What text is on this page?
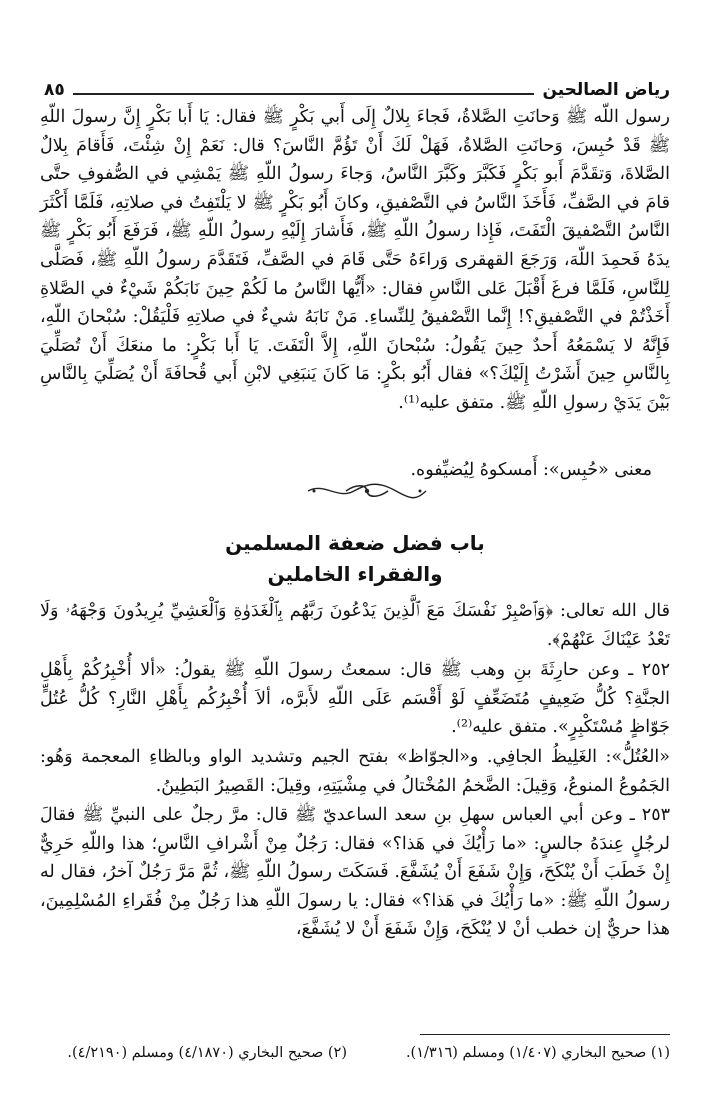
رياض الصالحين
٨٥
رسول اللّه ﷺ وَحانَتِ الصَّلاةُ، فَجاءَ بِلالٌ إِلَى أَبي بَكْرٍ ﷺ فقال: يَا أَبا بَكْرٍ إِنَّ رسولَ اللّهِ ﷺ قَدْ حُبِسَ، وَحانَتِ الصَّلاةُ، فَهَلْ لَكَ أَنْ تَؤُمَّ النَّاسَ؟ قال: نَعَمْ إِنْ شِئْتَ، فَأَقامَ بِلالٌ الصَّلاةَ، وَتقَدَّمَ أَبو بَكْرٍ فَكَبَّرَ وكَبَّرَ النَّاسُ، وَجاءَ رسولُ اللّهِ ﷺ يَمْشِي في الصُّفوفِ حتَّى قامَ في الصَّفِّ، فَأَخَذَ النَّاسُ في التَّصْفيقِ، وكانَ أَبُو بَكْرٍ ﷺ لا يَلْتَفِتُ في صلاتِهِ، فَلَمَّا أَكْثَرَ النَّاسُ التَّصْفيقَ الْتَفَتَ، فَإِذا رسولُ اللّهِ ﷺ، فَأَشارَ إِلَيْهِ رسولُ اللّهِ ﷺ، فَرَفَعَ أَبُو بَكْرٍ ﷺ يدَهُ فَحمِدَ اللّهَ، وَرَجَعَ القهقرى وَراءَهُ حَتَّى قَامَ في الصَّفِّ، فَتَقَدَّمَ رسولُ اللّهِ ﷺ، فَصَلَّى لِلنَّاسِ، فَلَمَّا فرغَ أَقْبَلَ عَلى النَّاسِ فقال: «أَيُّها النَّاسُ ما لَكُمْ حِينَ نَابَكُمْ شَيْءٌ في الصَّلاةِ أَخَذْتُمْ في التَّصْفيقِ؟! إِنَّما التَّصْفيقُ لِلنِّساءِ. مَنْ نَابَهُ شيءٌ في صلاتِهِ فَلْيَقُلْ: سُبْحانَ اللّهِ، فَإِنَّهُ لا يَسْمَعُهُ أَحدٌ حِينَ يَقُولُ: سُبْحانَ اللّهِ، إِلاَّ الْتَفَتَ. يَا أَبا بَكْرٍ: ما منعَكَ أَنْ تُصَلِّيَ بِالنَّاسِ حِينَ أَشَرْتُ إِلَيْكَ؟» فقال أَبُو بكْرٍ: مَا كَانَ يَنبَغِي لابْنِ أَبي قُحافَةَ أَنْ يُصَلِّيَ بِالنَّاسِ بَيْنَ يَدَيْ رسولِ اللّهِ ﷺ. متفق عليه⁽¹⁾.
معنى «حُبِس»: أَمسكوهُ لِيُضيِّفوه.
باب فضل ضعفة المسلمين
والفقراء الخاملين
قال الله تعالى: ﴿وَٱصْبِرْ نَفْسَكَ مَعَ ٱلَّذِينَ يَدْعُونَ رَبَّهُم بِٱلْغَدَوٰةِ وَٱلْعَشِيِّ يُرِيدُونَ وَجْهَهُۥ وَلَا تَعْدُ عَيْنَاكَ عَنْهُمْ﴾.
٢٥٢ ـ وعن حارِثَةَ بنِ وهب ﷺ قال: سمعتُ رسولَ اللّهِ ﷺ يقولُ: «ألا أُخْبِرُكُمْ بِأَهْلِ الجنَّةِ؟ كُلُّ ضَعِيفٍ مُتَضَعِّفٍ لَوْ أَقْسَم عَلَى اللّهِ لأَبرَّه، ألاَ أُخْبِرُكُم بِأَهْلِ النَّارِ؟ كُلُّ عُتُلٍّ جَوّاظٍ مُسْتَكْبِرٍ». متفق عليه⁽²⁾.
«العُتُلُّ»: الغَلِيظُ الجافِي. و«الجوّاظ» بفتح الجيم وتشديد الواو وبالظاءِ المعجمة وَهُو: الجَمُوعُ المنوعُ، وَقِيلَ: الضَّخمُ المُخْتالُ في مِشْيَتِهِ، وقِيلَ: القَصِيرُ البَطِينُ.
٢٥٣ ـ وعن أبي العباس سهلِ بنِ سعد الساعديّ ﷺ قال: مرَّ رجلٌ على النبيِّ ﷺ فقالَ لرجُلٍ عِندَهُ جالسٍ: «ما رَأْيُكَ في هَذا؟» فقال: رَجُلٌ مِنْ أَشْرافِ النَّاسِ؛ هذا واللّهِ حَرِيٌّ إِنْ خَطَبَ أَنْ يُنْكَحَ، وَإِنْ شَفَعَ أَنْ يُشَفَّعَ. فَسَكَتَ رسولُ اللّهِ ﷺ، ثُمَّ مَرَّ رَجُلٌ آخرُ، فقال له رسولُ اللّهِ ﷺ: «ما رَأْيُكَ في هَذا؟» فقال: يا رسولَ اللّهِ هذا رَجُلٌ مِنْ فُقَراءِ المُسْلِمِينَ، هذا حريٌّ إن خطب أنْ لا يُنْكَحَ، وَإِنْ شَفَعَ أَنْ لا يُشَفَّعَ،
(١) صحيح البخاري (١/٤٠٧) ومسلم (١/٣١٦).
(٢) صحيح البخاري (٤/١٨٧٠) ومسلم (٤/٢١٩٠).
